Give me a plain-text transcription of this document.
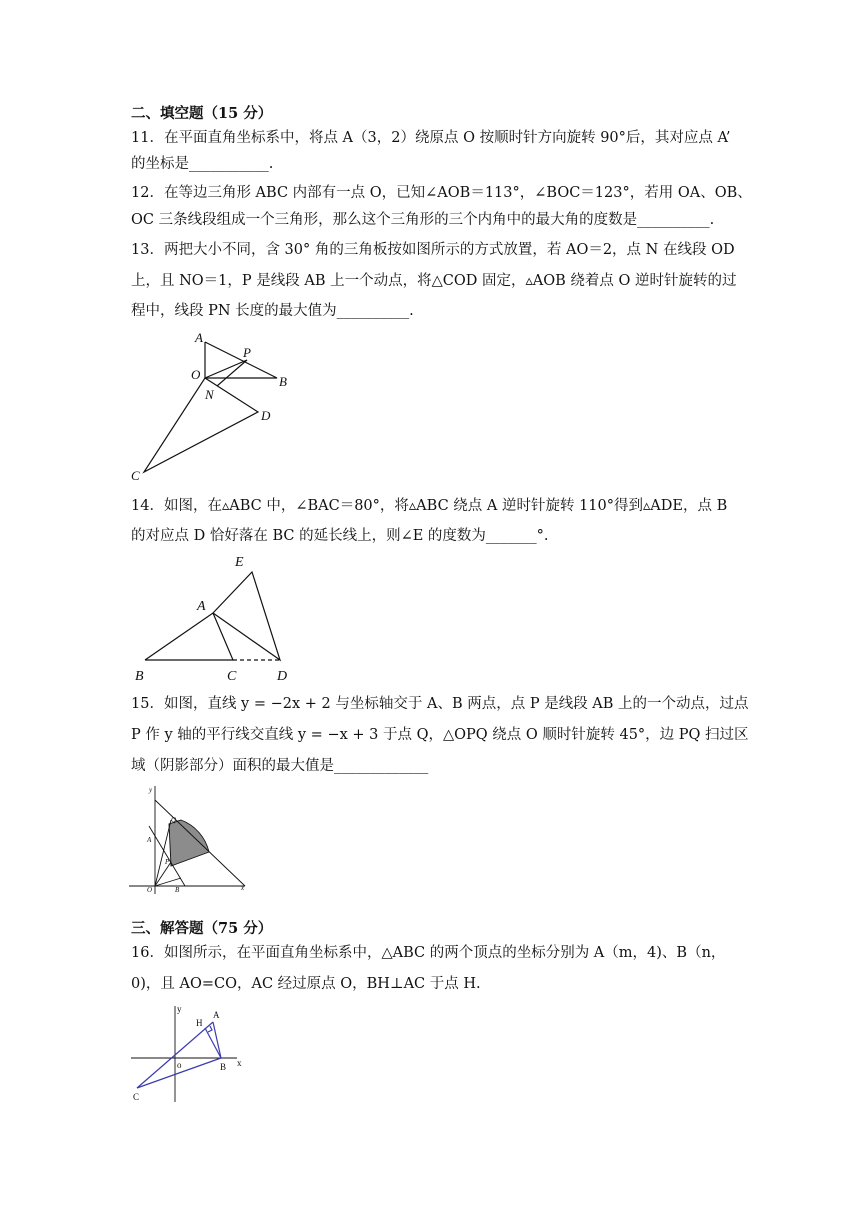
二、填空题（15 分）
11．在平面直角坐标系中，将点 A（3，2）绕原点 O 按顺时针方向旋转 90°后，其对应点 A’
的坐标是___________.
12．在等边三角形 ABC 内部有一点 O，已知∠AOB＝113°，∠BOC＝123°，若用 OA、OB、
OC 三条线段组成一个三角形，那么这个三角形的三个内角中的最大角的度数是__________.
13．两把大小不同，含 30° 角的三角板按如图所示的方式放置，若 AO＝2，点 N 在线段 OD
上，且 NO＝1，P 是线段 AB 上一个动点，将△COD 固定，▵AOB 绕着点 O 逆时针旋转的过
程中，线段 PN 长度的最大值为__________.
A
P
O	B
N
D
C
14．如图，在▵ABC 中，∠BAC＝80°，将▵ABC 绕点 A 逆时针旋转 110°得到▵ADE，点 B
的对应点 D 恰好落在 BC 的延长线上，则∠E 的度数为_______°.
E
A
B	C	D
15．如图，直线 y = −2x + 2 与坐标轴交于 A、B 两点，点 P 是线段 AB 上的一个动点，过点
P 作 y 轴的平行线交直线 y = −x + 3 于点 Q，△OPQ 绕点 O 顺时针旋转 45°，边 PQ 扫过区
域（阴影部分）面积的最大值是_____________
y
Q
A
P
O	B	x
三、解答题（75 分）
16．如图所示，在平面直角坐标系中，△ABC 的两个顶点的坐标分别为 A（m，4)、B（n，
0)，且 AO=CO，AC 经过原点 O，BH⊥AC 于点 H.
y
H
A
o	x
B
C
